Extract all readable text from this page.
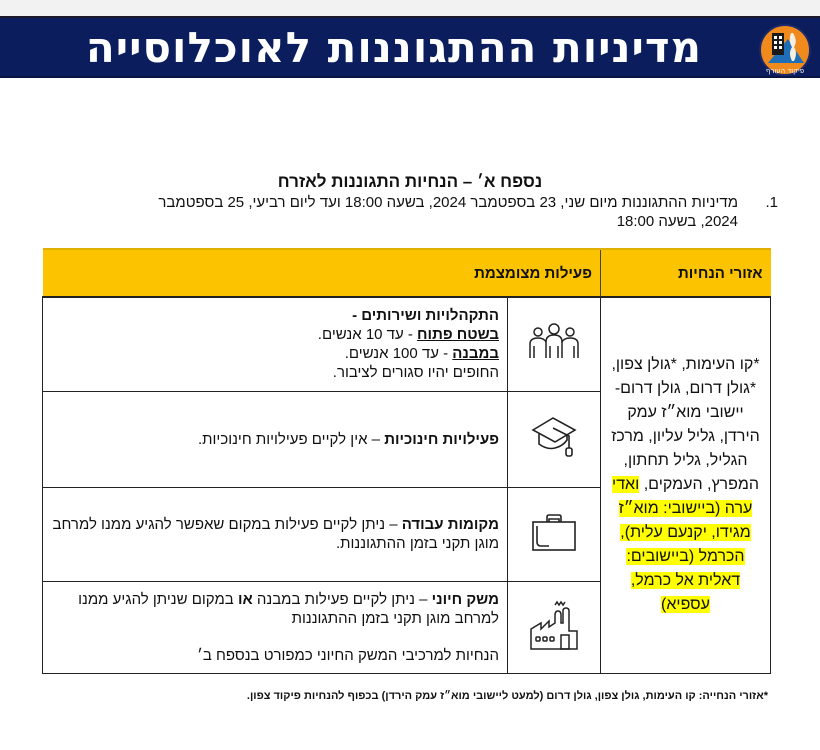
מדיניות ההתגוננות לאוכלוסייה	פיקוד העורף
נספח א׳ – הנחיות התגוננות לאזרח
1.
מדיניות ההתגוננות מיום שני, 23 בספטמבר 2024, בשעה 18:00 ועד ליום רביעי, 25 בספטמבר
2024, בשעה 18:00
אזורי הנחיות	פעילות מצומצמת	
*קו העימות, *גולן צפון, *גולן דרום, גולן דרום- יישובי מוא״ז עמק הירדן, גליל עליון, מרכז הגליל, גליל תחתון, המפרץ, העמקים, ואדי ערה (ביישובי: מוא״ז מגידו, יקנעם עלית), הכרמל (ביישובים: דאלית אל כרמל, עספיא)		
התקהלויות ושירותים -
בשטח פתוח - עד 10 אנשים.
במבנה - עד 100 אנשים.
החופים יהיו סגורים לציבור.

	פעילויות חינוכיות – אין לקיים פעילויות חינוכיות.
	מקומות עבודה – ניתן לקיים פעילות במקום שאפשר להגיע ממנו למרחב מוגן תקני בזמן ההתגוננות.

משק חיוני – ניתן לקיים פעילות במבנה או במקום שניתן להגיע ממנו למרחב מוגן תקני בזמן ההתגוננות
הנחיות למרכיבי המשק החיוני כמפורט בנספח ב׳
*אזורי הנחייה: קו העימות, גולן צפון, גולן דרום (למעט ליישובי מוא״ז עמק הירדן) בכפוף להנחיות פיקוד צפון.
